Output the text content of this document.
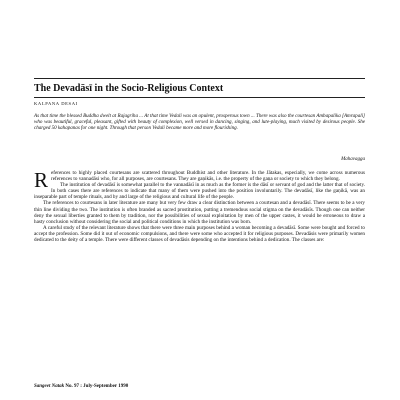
The Devadāsī in the Socio-Religious Context
KALPANA DESAI
As that time the blessed Buddha dwelt at Rajagriha ... At that time Vedali was an opulent, prosperous town ... There was also the courtesan Ambapalika [Amrapali] who was beautiful, graceful, pleasant, gifted with beauty of complexion, well versed in dancing, singing, and lute-playing, much visited by desirous people. She charged 50 kahapanas for one night. Through that person Vedali became more and more flourishing.
Mahavagga

References to highly placed courtesans are scattered throughout Buddhist and other literature. In the Jātakas, especially, we come across numerous references to vannadāsi who, for all purposes, are courtesans. They are gaṇikās, i.e. the property of the gaṇa or society to which they belong.

The institution of devadāsī is somewhat parallel to the vannadāsī in as much as the former is the dāsī or servant of god and the latter that of society. In both cases there are references to indicate that many of them were pushed into the position involuntarily. The devadāsī, like the gaṇikā, was an inseparable part of temple rituals, and by and large of the religious and cultural life of the people.

The references to courtesans in later literature are many but very few draw a clear distinction between a courtesan and a devadāsī. There seems to be a very thin line dividing the two. The institution is often branded as sacred prostitution, putting a tremendous social stigma on the devadāsīs. Though one can neither deny the sexual liberties granted to them by tradition, nor the possibilities of sexual exploitation by men of the upper castes, it would be erroneous to draw a hasty conclusion without considering the social and political conditions in which the institution was born.

A careful study of the relevant literature shows that there were three main purposes behind a woman becoming a devadāsī. Some were bought and forced to accept the profession. Some did it out of economic compulsions, and there were some who accepted it for religious purposes. Devadāsis were primarily women dedicated to the deity of a temple. There were different classes of devadāsis depending on the intentions behind a dedication. The classes are:

Sangeet Natak No. 97 : July-September 1990
